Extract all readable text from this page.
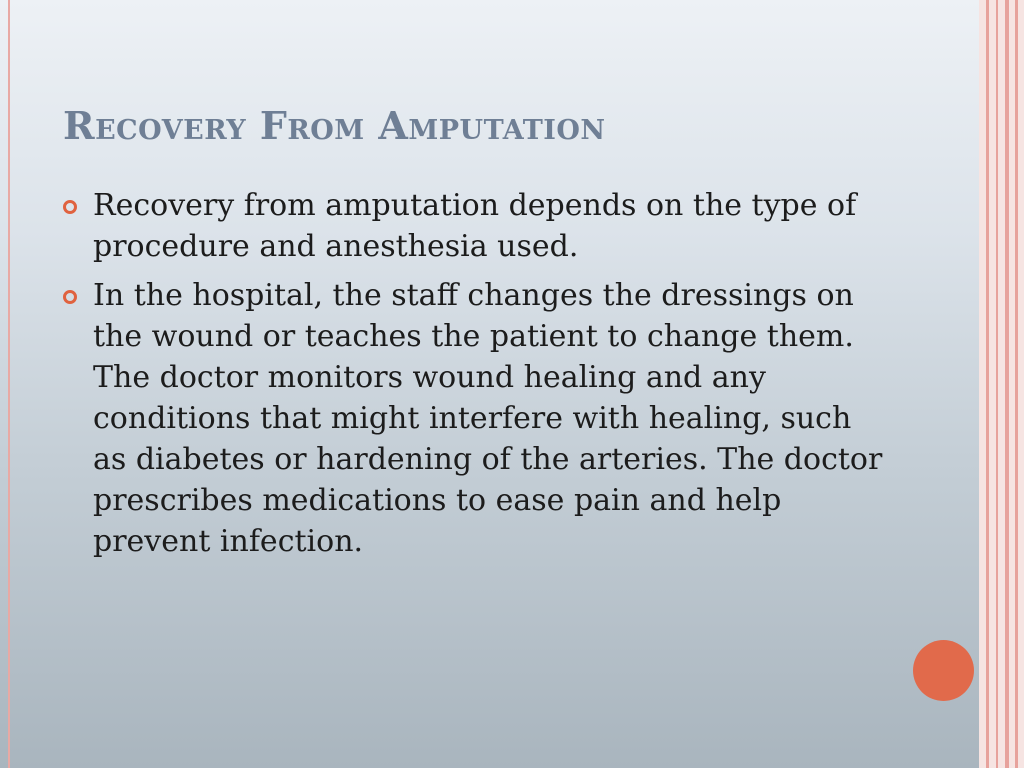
Recovery From Amputation
Recovery from amputation depends on the type of procedure and anesthesia used.
In the hospital, the staff changes the dressings on the wound or teaches the patient to change them. The doctor monitors wound healing and any conditions that might interfere with healing, such as diabetes or hardening of the arteries. The doctor prescribes medications to ease pain and help prevent infection.
